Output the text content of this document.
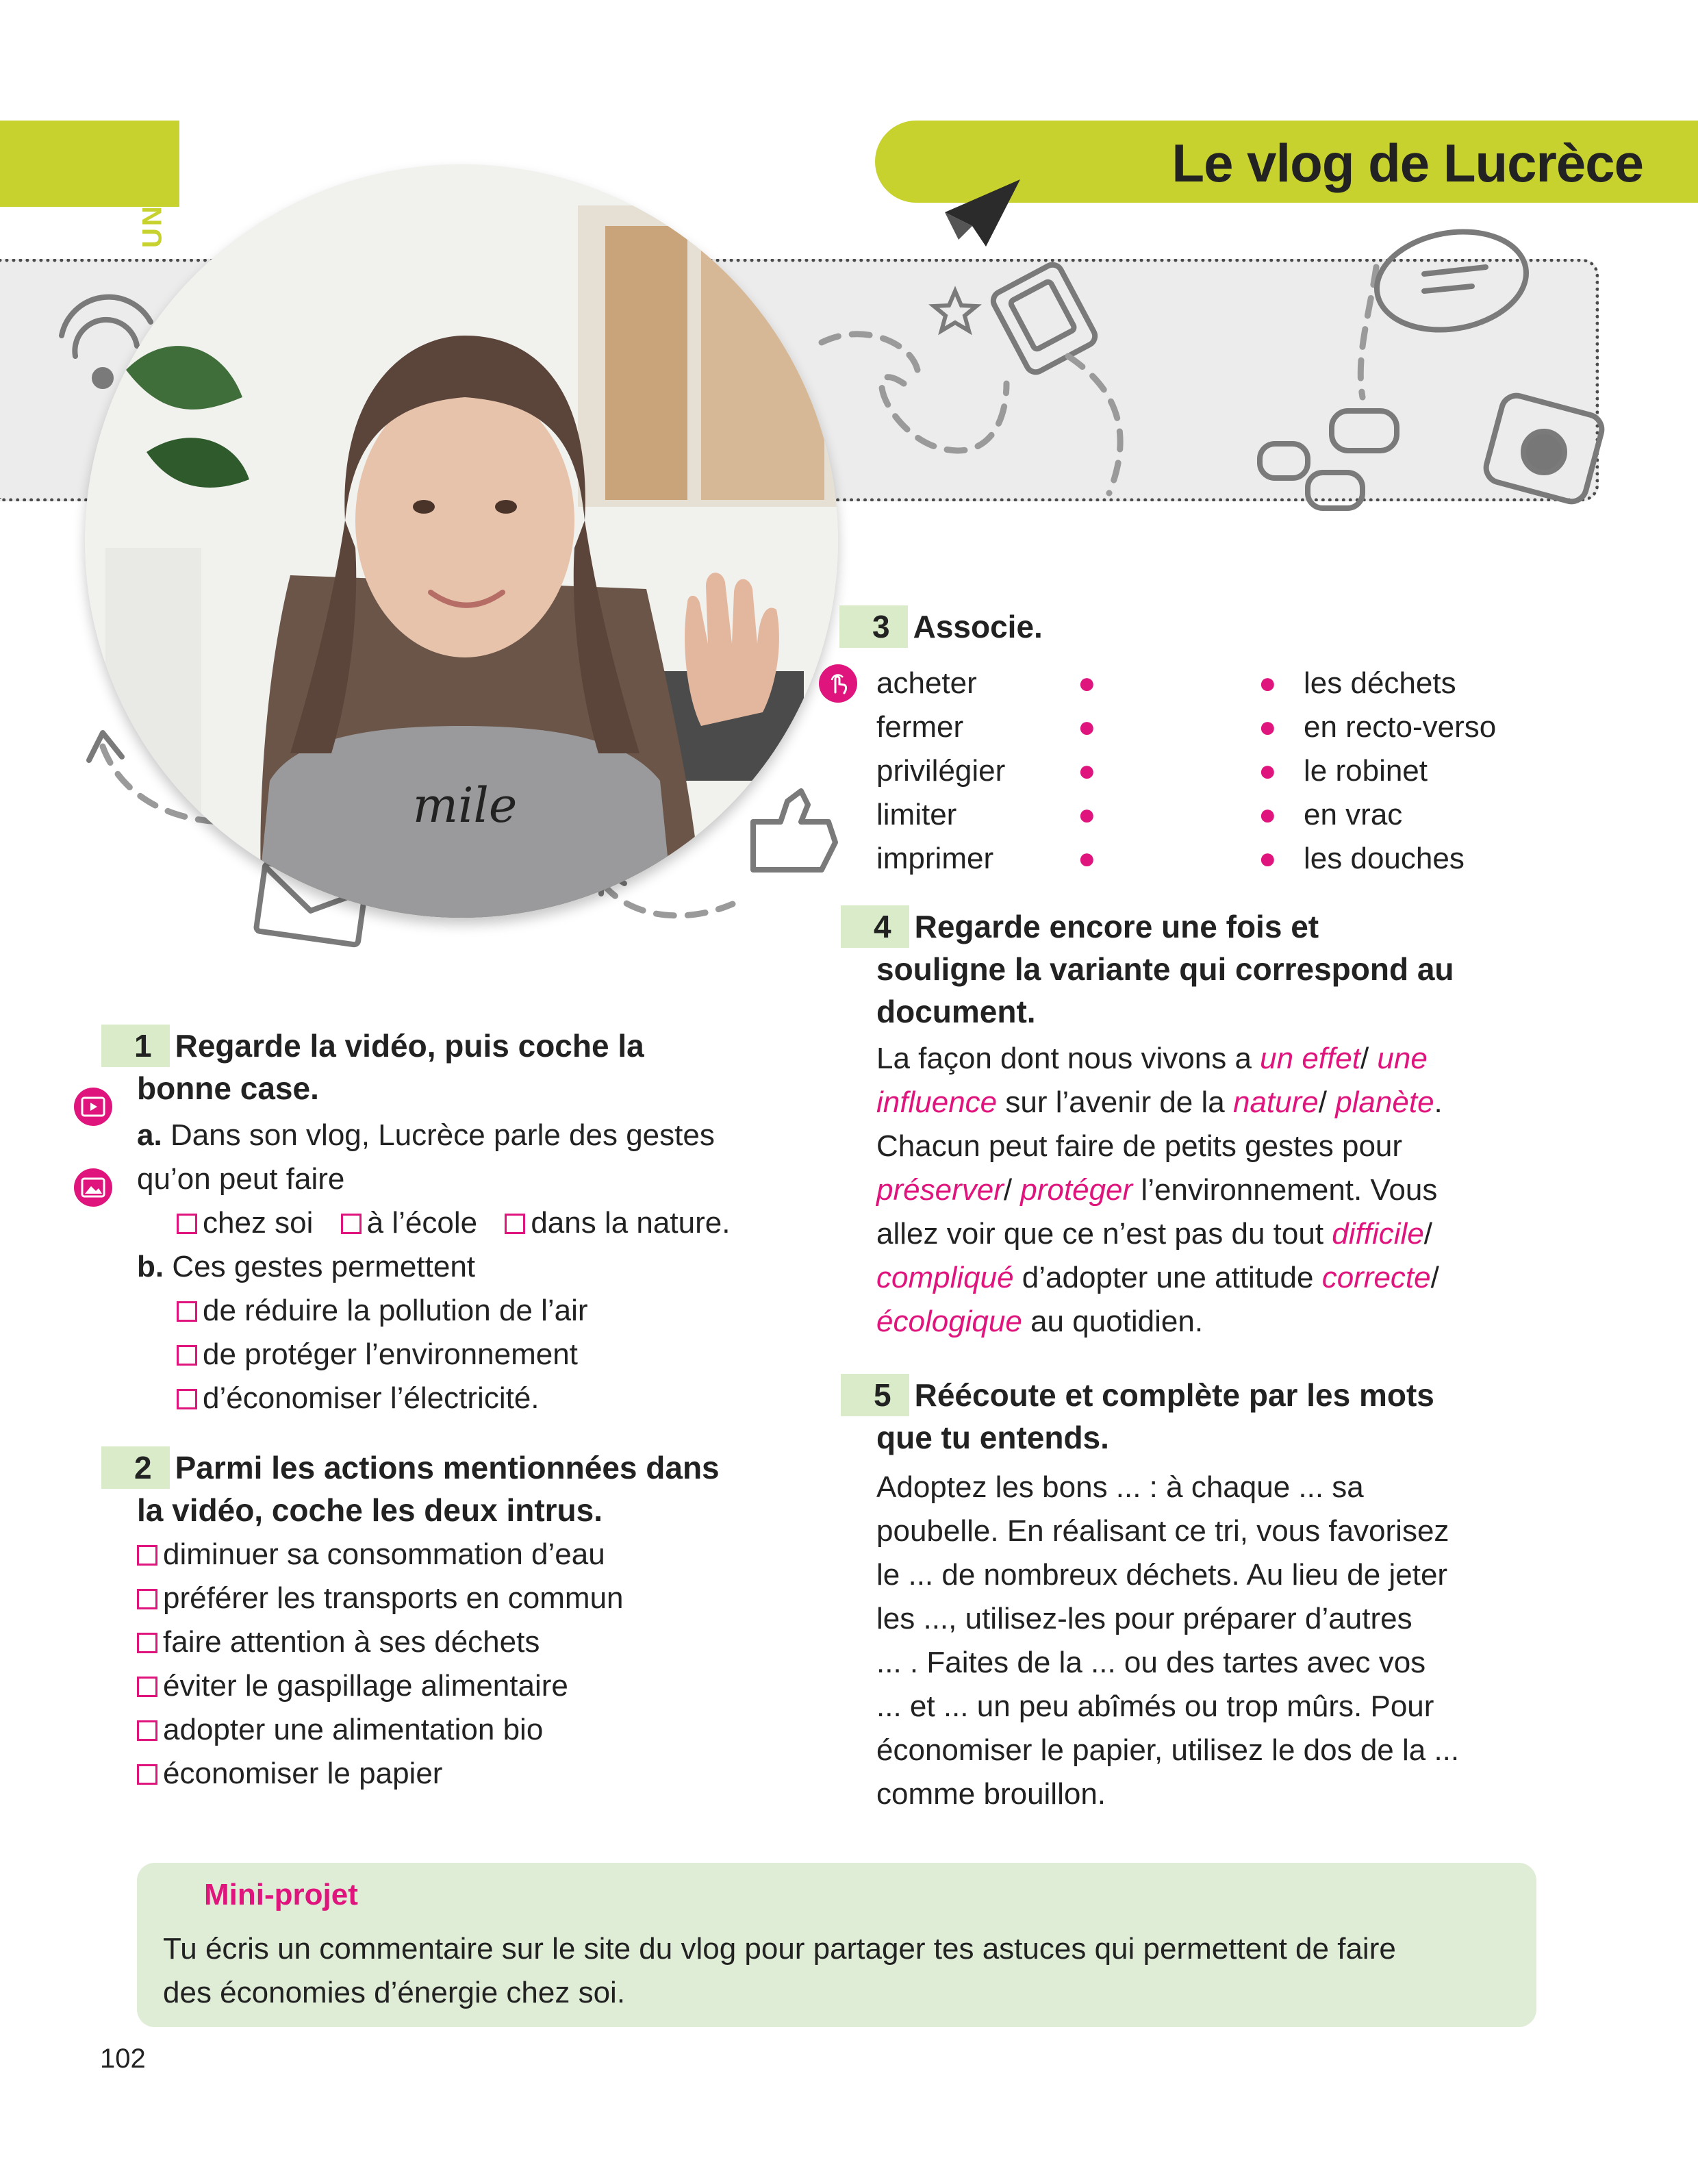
UNITÉ 7	Le vlog de Lucrèce
mile
1 Regarde la vidéo, puis coche la
bonne case.
a. Dans son vlog, Lucrèce parle des gestes
qu’on peut faire
chez soi à l’école dans la nature.
b. Ces gestes permettent
de réduire la pollution de l’air
de protéger l’environnement
d’économiser l’électricité.
2 Parmi les actions mentionnées dans
la vidéo, coche les deux intrus.
diminuer sa consommation d’eau
préférer les transports en commun
faire attention à ses déchets
éviter le gaspillage alimentaire
adopter une alimentation bio
économiser le papier
3 Associe.
acheter
fermer
privilégier
limiter
imprimer
●
●
●
●
●
●
●
●
●
●
les déchets
en recto-verso
le robinet
en vrac
les douches
4 Regarde encore une fois et
souligne la variante qui correspond au
document.
La façon dont nous vivons a un effet/ une
influence sur l’avenir de la nature/ planète.
Chacun peut faire de petits gestes pour
préserver/ protéger l’environnement. Vous
allez voir que ce n’est pas du tout difficile/
compliqué d’adopter une attitude correcte/
écologique au quotidien.
5 Réécoute et complète par les mots
que tu entends.
Adoptez les bons ... : à chaque ... sa
poubelle. En réalisant ce tri, vous favorisez
le ... de nombreux déchets. Au lieu de jeter
les ..., utilisez-les pour préparer d’autres
... . Faites de la ... ou des tartes avec vos
... et ... un peu abîmés ou trop mûrs. Pour
économiser le papier, utilisez le dos de la ...
comme brouillon.
Mini-projet
Tu écris un commentaire sur le site du vlog pour partager tes astuces qui permettent de faire
des économies d’énergie chez soi.
102
